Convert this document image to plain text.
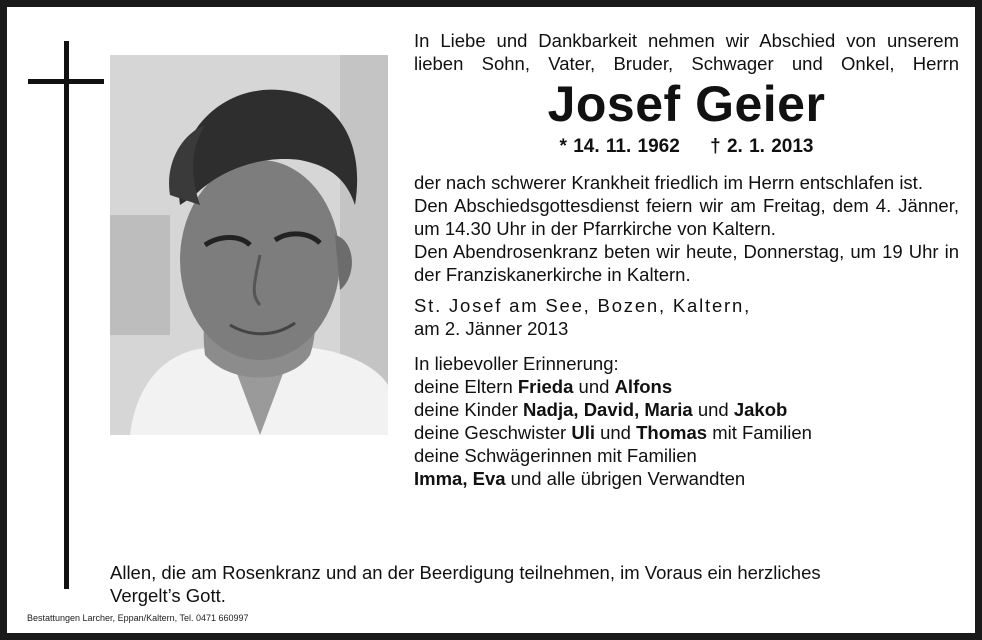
In Liebe und Dankbarkeit nehmen wir Abschied von unserem lieben Sohn, Vater, Bruder, Schwager und Onkel, Herrn

Josef Geier
* 14. 11. 1962 † 2. 1. 2013

der nach schwerer Krankheit friedlich im Herrn entschlafen ist.

Den Abschiedsgottesdienst feiern wir am Freitag, dem 4. Jänner, um 14.30 Uhr in der Pfarrkirche von Kaltern.

Den Abendrosenkranz beten wir heute, Donnerstag, um 19 Uhr in der Franziskanerkirche in Kaltern.

St. Josef am See, Bozen, Kaltern,

am 2. Jänner 2013

In liebevoller Erinnerung:

deine Eltern Frieda und Alfons

deine Kinder Nadja, David, Maria und Jakob

deine Geschwister Uli und Thomas mit Familien

deine Schwägerinnen mit Familien

Imma, Eva und alle übrigen Verwandten

Allen, die am Rosenkranz und an der Beerdigung teilnehmen, im Voraus ein herzliches Vergelt’s Gott.

Bestattungen Larcher, Eppan/Kaltern, Tel. 0471 660997
